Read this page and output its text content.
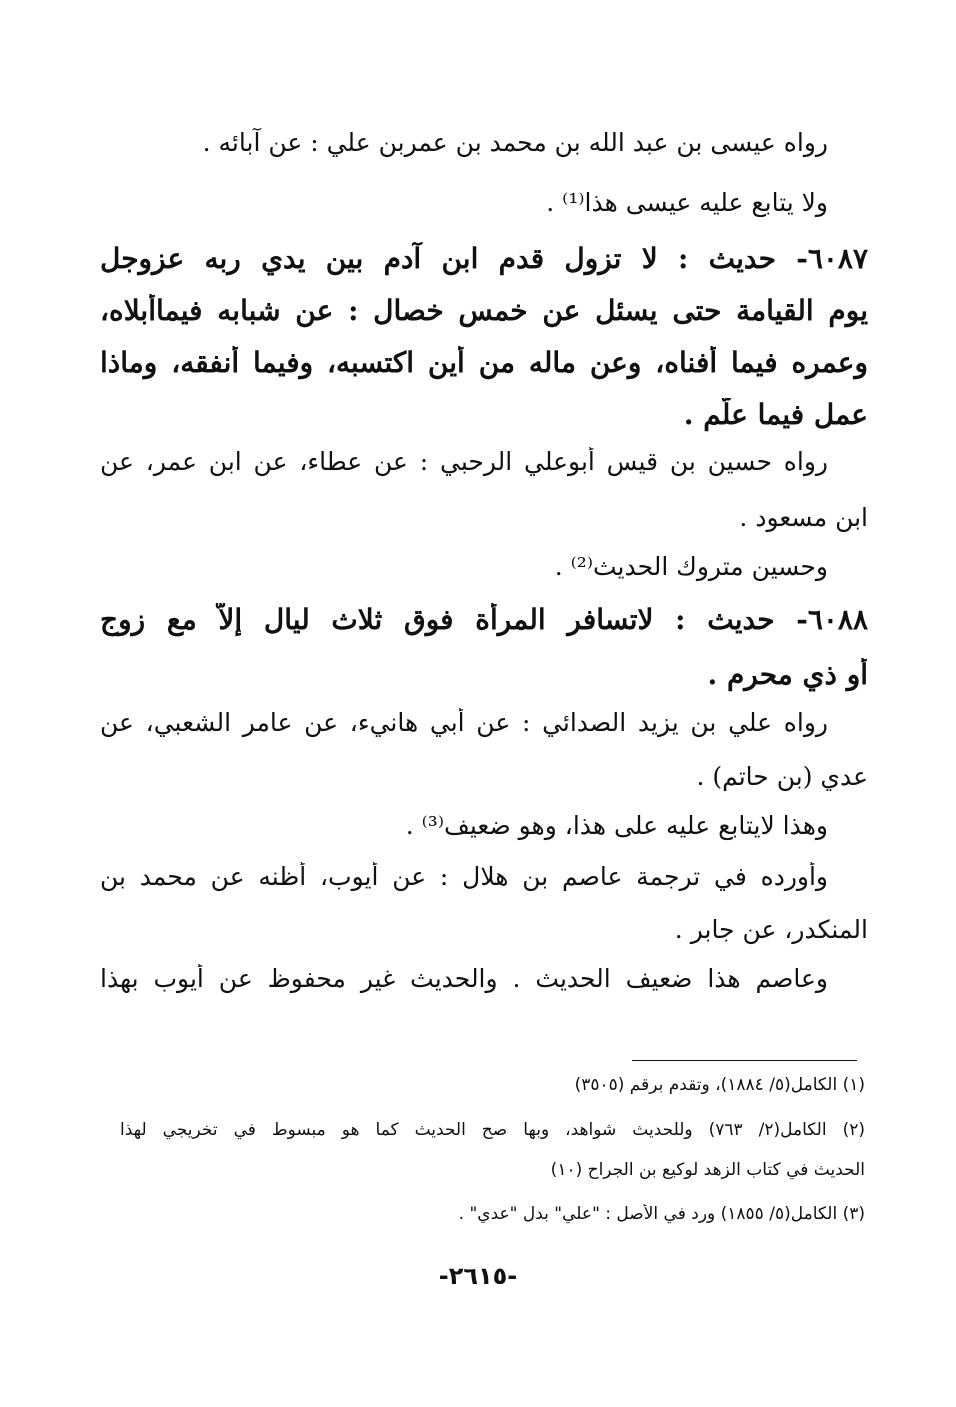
رواه عيسى بن عبد الله بن محمد بن عمربن علي : عن آبائه .
ولا يتابع عليه عيسى هذا⁽¹⁾ .
٦٠٨٧- حديث : لا تزول قدم ابن آدم بين يدي ربه عزوجل
يوم القيامة حتى يسئل عن خمس خصال : عن شبابه فيماأبلاه،
وعمره فيما أفناه، وعن ماله من أين اكتسبه، وفيما أنفقه، وماذا
عمل فيما علّم .
رواه حسين بن قيس أبوعلي الرحبي : عن عطاء، عن ابن عمر، عن
ابن مسعود .
وحسين متروك الحديث⁽²⁾ .
٦٠٨٨- حديث : لاتسافر المرأة فوق ثلاث ليال إلاّ مع زوج
أو ذي محرم .
رواه علي بن يزيد الصدائي : عن أبي هانيء، عن عامر الشعبي، عن
عدي (بن حاتم) .
وهذا لايتابع عليه على هذا، وهو ضعيف⁽³⁾ .
وأورده في ترجمة عاصم بن هلال : عن أيوب، أظنه عن محمد بن
المنكدر، عن جابر .
وعاصم هذا ضعيف الحديث . والحديث غير محفوظ عن أيوب بهذا
(١) الكامل(٥/ ١٨٨٤)، وتقدم برقم (٣٥٠٥)
(٢) الكامل(٢/ ٧٦٣) وللحديث شواهد، وبها صح الحديث كما هو مبسوط في تخريجي لهذا
الحديث في كتاب الزهد لوكيع بن الجراح (١٠)
(٣) الكامل(٥/ ١٨٥٥) ورد في الأصل : "علي" بدل "عدي" .
-٢٦١٥-
